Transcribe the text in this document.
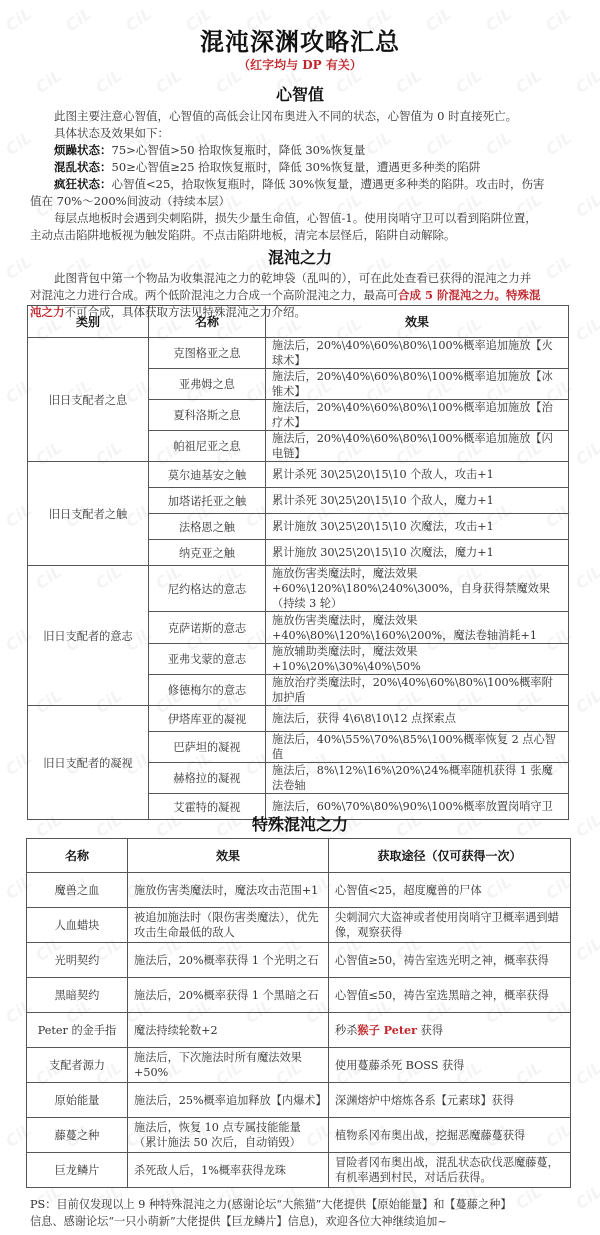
混沌深渊攻略汇总
（红字均与 DP 有关）
心智值
此图主要注意心智值，心智值的高低会让冈布奥进入不同的状态，心智值为 0 时直接死亡。
具体状态及效果如下：
烦躁状态：75>心智值>50 拾取恢复瓶时，降低 30%恢复量
混乱状态：50≥心智值≥25 拾取恢复瓶时，降低 30%恢复量，遭遇更多种类的陷阱
疯狂状态：心智值<25，拾取恢复瓶时，降低 30%恢复量，遭遇更多种类的陷阱。攻击时，伤害
值在 70%～200%间波动（持续本层）
每层点地板时会遇到尖刺陷阱，损失少量生命值，心智值-1。使用岗哨守卫可以看到陷阱位置，
主动点击陷阱地板视为触发陷阱。不点击陷阱地板，清完本层怪后，陷阱自动解除。
混沌之力
此图背包中第一个物品为收集混沌之力的乾坤袋（乱叫的），可在此处查看已获得的混沌之力并
对混沌之力进行合成。两个低阶混沌之力合成一个高阶混沌之力，最高可合成 5 阶混沌之力。特殊混
类别	名称	效果
旧日支配者之息	克图格亚之息	施法后，20%\40%\60%\80%\100%概率追加施放【火球术】
	亚弗姆之息	施法后，20%\40%\60%\80%\100%概率追加施放【冰锥术】
	夏科洛斯之息	施法后，20%\40%\60%\80%\100%概率追加施放【治疗术】
	帕祖尼亚之息	施法后，20%\40%\60%\80%\100%概率追加施放【闪电链】
旧日支配者之触	莫尔迪基安之触	累计杀死 30\25\20\15\10 个敌人，攻击+1
	加塔诺托亚之触	累计杀死 30\25\20\15\10 个敌人，魔力+1
	法格恩之触	累计施放 30\25\20\15\10 次魔法，攻击+1
	纳克亚之触	累计施放 30\25\20\15\10 次魔法，魔力+1
旧日支配者的意志	尼约格达的意志	施放伤害类魔法时，魔法效果+60%\120%\180%\240%\300%，自身获得禁魔效果（持续 3 轮）
	克萨诺斯的意志	施放伤害类魔法时，魔法效果+40%\80%\120%\160%\200%，魔法卷轴消耗+1
	亚弗戈蒙的意志	施放辅助类魔法时，魔法效果+10%\20%\30%\40%\50%
	修德梅尔的意志	施放治疗类魔法时，20%\40%\60%\80%\100%概率附加护盾
旧日支配者的凝视	伊塔库亚的凝视	施法后，获得 4\6\8\10\12 点探索点
	巴萨坦的凝视	施法后，40%\55%\70%\85%\100%概率恢复 2 点心智值
	赫格拉的凝视	施法后，8%\12%\16%\20%\24%概率随机获得 1 张魔法卷轴
	艾霍特的凝视	施法后，60%\70%\80%\90%\100%概率放置岗哨守卫
特殊混沌之力
名称	效果	获取途径（仅可获得一次）
魔兽之血	施放伤害类魔法时，魔法攻击范围+1	心智值<25，超度魔兽的尸体
人血蜡块	被追加施法时（限伤害类魔法），优先攻击生命最低的敌人	尖刺洞穴大盗神或者使用岗哨守卫概率遇到蜡像，观察获得
光明契约	施法后，20%概率获得 1 个光明之石	心智值≥50，祷告室选光明之神，概率获得
黑暗契约	施法后，20%概率获得 1 个黑暗之石	心智值≤50，祷告室选黑暗之神，概率获得
Peter 的金手指	魔法持续轮数+2	秒杀猴子 Peter 获得
支配者源力	施法后，下次施法时所有魔法效果+50%	使用蔓藤杀死 BOSS 获得
原始能量	施法后，25%概率追加释放【内爆术】	深渊熔炉中熔炼各系【元素球】获得
藤蔓之种	施法后，恢复 10 点专属技能能量（累计施法 50 次后，自动销毁）	植物系冈布奥出战，挖掘恶魔藤蔓获得
巨龙鳞片	杀死敌人后，1%概率获得龙珠	冒险者冈布奥出战，混乱状态砍伐恶魔藤蔓，有机率遇到村民，对话后获得。
PS：目前仅发现以上 9 种特殊混沌之力(感谢论坛“大熊猫”大佬提供【原始能量】和【蔓藤之种】
信息、感谢论坛“一只小萌新”大佬提供【巨龙鳞片】信息)，欢迎各位大神继续追加~
沌之力不可合成，具体获取方法见特殊混沌之力介绍。
